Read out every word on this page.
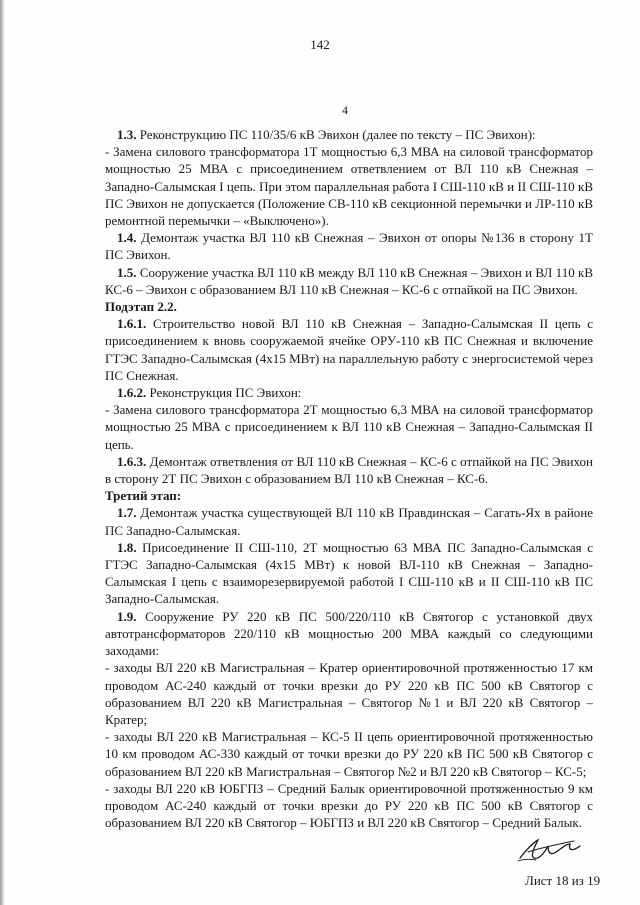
142
4

1.3. Реконструкцию ПС 110/35/6 кВ Эвихон (далее по тексту – ПС Эвихон):

- Замена силового трансформатора 1Т мощностью 6,3 МВА на силовой трансформатор мощностью 25 МВА с присоединением ответвлением от ВЛ 110 кВ Снежная – Западно-Салымская I цепь. При этом параллельная работа I СШ-110 кВ и II СШ-110 кВ ПС Эвихон не допускается (Положение СВ-110 кВ секционной перемычки и ЛР-110 кВ ремонтной перемычки – «Выключено»).

1.4. Демонтаж участка ВЛ 110 кВ Снежная – Эвихон от опоры №136 в сторону 1Т ПС Эвихон.

1.5. Сооружение участка ВЛ 110 кВ между ВЛ 110 кВ Снежная – Эвихон и ВЛ 110 кВ КС-6 – Эвихон с образованием ВЛ 110 кВ Снежная – КС-6 с отпайкой на ПС Эвихон.

Подэтап 2.2.

1.6.1. Строительство новой ВЛ 110 кВ Снежная – Западно-Салымская II цепь с присоединением к вновь сооружаемой ячейке ОРУ-110 кВ ПС Снежная и включение ГТЭС Западно-Салымская (4х15 МВт) на параллельную работу с энергосистемой через ПС Снежная.

1.6.2. Реконструкция ПС Эвихон:

- Замена силового трансформатора 2Т мощностью 6,3 МВА на силовой трансформатор мощностью 25 МВА с присоединением к ВЛ 110 кВ Снежная – Западно-Салымская II цепь.

1.6.3. Демонтаж ответвления от ВЛ 110 кВ Снежная – КС-6 с отпайкой на ПС Эвихон в сторону 2Т ПС Эвихон с образованием ВЛ 110 кВ Снежная – КС-6.

Третий этап:

1.7. Демонтаж участка существующей ВЛ 110 кВ Правдинская – Сагать-Ях в районе ПС Западно-Салымская.

1.8. Присоединение II СШ-110, 2Т мощностью 63 МВА ПС Западно-Салымская с ГТЭС Западно-Салымская (4х15 МВт) к новой ВЛ-110 кВ Снежная – Западно-Салымская I цепь с взаиморезервируемой работой I СШ-110 кВ и II СШ-110 кВ ПС Западно-Салымская.

1.9. Сооружение РУ 220 кВ ПС 500/220/110 кВ Святогор с установкой двух автотрансформаторов 220/110 кВ мощностью 200 МВА каждый со следующими заходами:

- заходы ВЛ 220 кВ Магистральная – Кратер ориентировочной протяженностью 17 км проводом АС-240 каждый от точки врезки до РУ 220 кВ ПС 500 кВ Святогор с образованием ВЛ 220 кВ Магистральная – Святогор №1 и ВЛ 220 кВ Святогор – Кратер;

- заходы ВЛ 220 кВ Магистральная – КС-5 II цепь ориентировочной протяженностью 10 км проводом АС-330 каждый от точки врезки до РУ 220 кВ ПС 500 кВ Святогор с образованием ВЛ 220 кВ Магистральная – Святогор №2 и ВЛ 220 кВ Святогор – КС-5;

- заходы ВЛ 220 кВ ЮБГПЗ – Средний Балык ориентировочной протяженностью 9 км проводом АС-240 каждый от точки врезки до РУ 220 кВ ПС 500 кВ Святогор с образованием ВЛ 220 кВ Святогор – ЮБГПЗ и ВЛ 220 кВ Святогор – Средний Балык.

Лист 18 из 19
